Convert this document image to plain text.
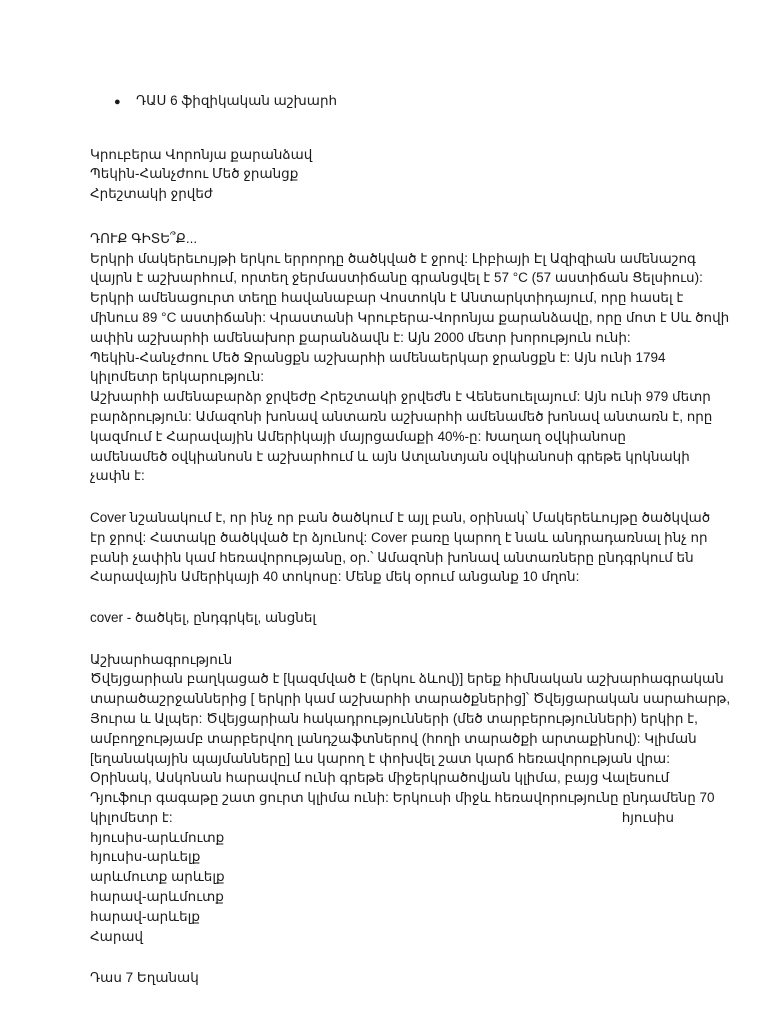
●	ԴԱՍ 6 ֆիզիկական աշխարհ
Կրուբերա Վորոնյա քարանձավ
Պեկին-Հանչժոու Մեծ ջրանցք
Հրեշտակի ջրվեժ
ԴՈՒՔ ԳԻՏԵ՞Ք...
Երկրի մակերեւույթի երկու երրորդը ծածկված է ջրով: Լիբիայի Էլ Ազիզիան ամենաշոգ
վայրն է աշխարհում, որտեղ ջերմաստիճանը գրանցվել է 57 °C (57 աստիճան Ցելսիուս):
Երկրի ամենացուրտ տեղը հավանաբար Վոստոկն է Անտարկտիդայում, որը հասել է
մինուս 89 °C աստիճանի: Վրաստանի Կրուբերա-Վորոնյա քարանձավը, որը մոտ է Սև ծովի
ափին աշխարհի ամենախոր քարանձավն է: Այն 2000 մետր խորություն ունի:
Պեկին-Հանչժոու Մեծ Ջրանցքն աշխարհի ամենաերկար ջրանցքն է: Այն ունի 1794
կիլոմետր երկարություն:
Աշխարհի ամենաբարձր ջրվեժը Հրեշտակի ջրվեժն է Վենեսուելայում: Այն ունի 979 մետր
բարձրություն: Ամազոնի խոնավ անտառն աշխարհի ամենամեծ խոնավ անտառն է, որը
կազմում է Հարավային Ամերիկայի մայրցամաքի 40%-ը: Խաղաղ օվկիանոսը
ամենամեծ օվկիանոսն է աշխարհում և այն Ատլանտյան օվկիանոսի գրեթե կրկնակի
չափն է:
Cover նշանակում է, որ ինչ որ բան ծածկում է այլ բան, օրինակ՝ Մակերեևույթը ծածկված
էր ջրով: Հատակը ծածկված էր ձյունով: Cover բառը կարող է նաև անդրադառնալ ինչ որ
բանի չափին կամ հեռավորությանը, օր.՝ Ամազոնի խոնավ անտառները ընդգրկում են
Հարավային Ամերիկայի 40 տոկոսը: Մենք մեկ օրում անցանք 10 մղոն:
cover - ծածկել, ընդգրկել, անցնել
Աշխարհագրություն
Ծվեյցարիան բաղկացած է [կազմված է (երկու ձևով)] երեք հիմնական աշխարհագրական
տարածաշրջաններից [ երկրի կամ աշխարհի տարածքներից]՝ Ծվեյցարական սարահարթ,
Յուրա և Ալպեր: Ծվեյցարիան հակադրությունների (մեծ տարբերությունների) երկիր է,
ամբողջությամբ տարբերվող լանդշաֆտներով (հողի տարածքի արտաքինով): Կլիման
[եղանակային պայմանները] ևս կարող է փոխվել շատ կարճ հեռավորության վրա:
Օրինակ, Ասկոնան հարավում ունի գրեթե միջերկրածովյան կլիմա, բայց Վալեսում
Դյուֆուր գագաթը շատ ցուրտ կլիմա ունի: Երկուսի միջև հեռավորությունը ընդամենը 70
կիլոմետր է:	հյուսիս
հյուսիս-արևմուտք
հյուսիս-արևելք
արևմուտք արևելք
հարավ-արևմուտք
հարավ-արևելք
Հարավ
Դաս 7 Եղանակ
